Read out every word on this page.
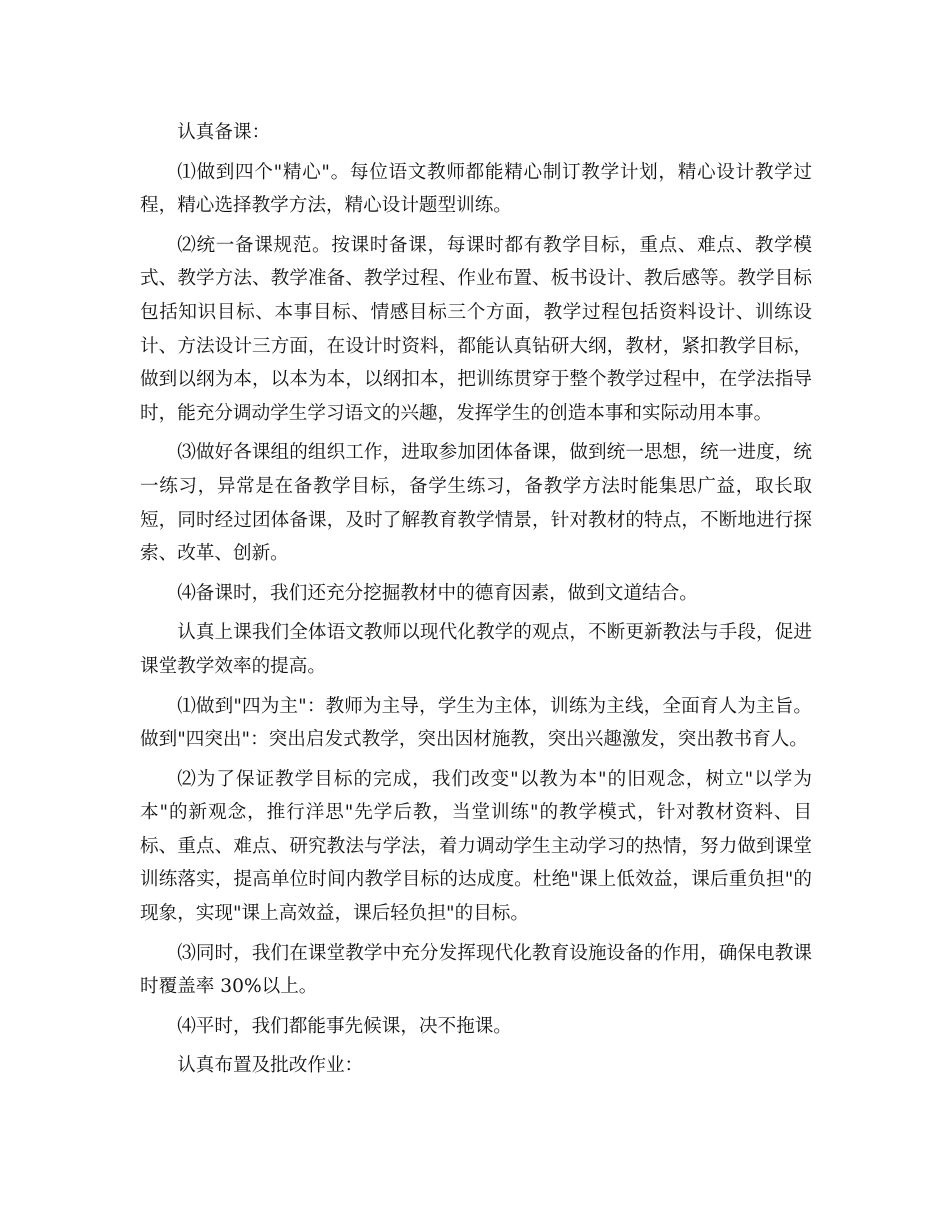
认真备课：

⑴做到四个"精心"。每位语文教师都能精心制订教学计划，精心设计教学过程，精心选择教学方法，精心设计题型训练。

⑵统一备课规范。按课时备课，每课时都有教学目标，重点、难点、教学模式、教学方法、教学准备、教学过程、作业布置、板书设计、教后感等。教学目标包括知识目标、本事目标、情感目标三个方面，教学过程包括资料设计、训练设计、方法设计三方面，在设计时资料，都能认真钻研大纲，教材，紧扣教学目标，做到以纲为本，以本为本，以纲扣本，把训练贯穿于整个教学过程中，在学法指导时，能充分调动学生学习语文的兴趣，发挥学生的创造本事和实际动用本事。

⑶做好各课组的组织工作，进取参加团体备课，做到统一思想，统一进度，统一练习，异常是在备教学目标，备学生练习，备教学方法时能集思广益，取长取短，同时经过团体备课，及时了解教育教学情景，针对教材的特点，不断地进行探索、改革、创新。

⑷备课时，我们还充分挖掘教材中的德育因素，做到文道结合。

认真上课我们全体语文教师以现代化教学的观点，不断更新教法与手段，促进课堂教学效率的提高。

⑴做到"四为主"：教师为主导，学生为主体，训练为主线，全面育人为主旨。做到"四突出"：突出启发式教学，突出因材施教，突出兴趣激发，突出教书育人。

⑵为了保证教学目标的完成，我们改变"以教为本"的旧观念，树立"以学为本"的新观念，推行洋思"先学后教，当堂训练"的教学模式，针对教材资料、目标、重点、难点、研究教法与学法，着力调动学生主动学习的热情，努力做到课堂训练落实，提高单位时间内教学目标的达成度。杜绝"课上低效益，课后重负担"的现象，实现"课上高效益，课后轻负担"的目标。

⑶同时，我们在课堂教学中充分发挥现代化教育设施设备的作用，确保电教课时覆盖率 30%以上。

⑷平时，我们都能事先候课，决不拖课。

认真布置及批改作业：
